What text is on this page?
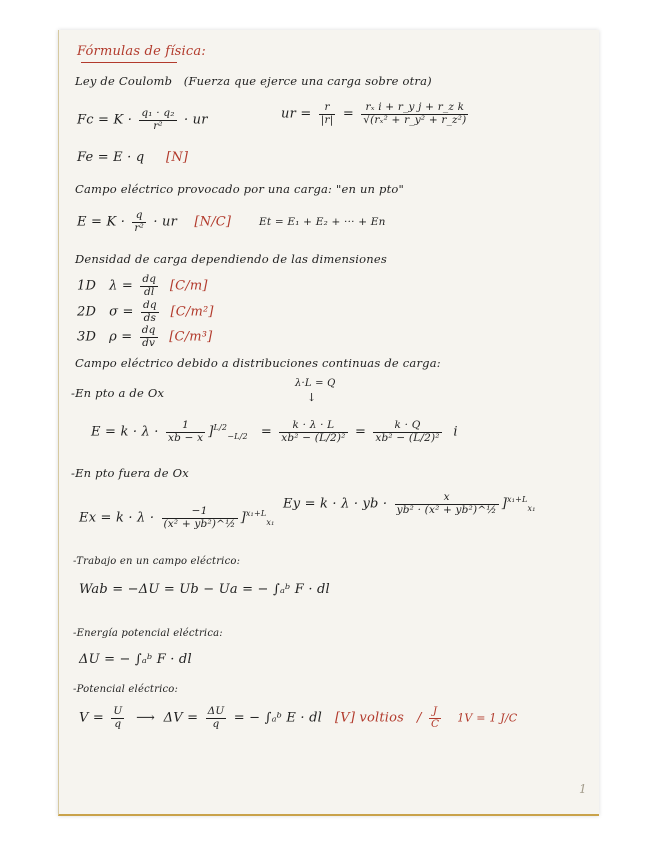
Fórmulas de física:
Ley de Coulomb (Fuerza que ejerce una carga sobre otra)
$Fc = K \cdot \frac{\text{q₁ · q₂}}{\text{r²}}$ · ur	ur = $\frac{r}{|r|} = \frac{\text{rₓ i + r\_y j + r\_z k}}{\text{√(rₓ² + r\_y² + r\_z²)}}$
Fe = E · q [N]
Campo eléctrico provocado por una carga: "en un pto"
$E = K \cdot \frac{q}{\text{r²}}$ · ur [N/C]	Et = E₁ + E₂ + ··· + En
Densidad de carga dependiendo de las dimensiones
1D $\lambda = \frac{dq}{dl} [C/m]$
2D $\sigma = \frac{dq}{ds} [C/m^2]$
3D $\rho = \frac{dq}{dv} [C/m^3]$
Campo eléctrico debido a distribuciones continuas de carga:
λ·L = Q
↓
-En pto a de Ox
$E = k \cdot \lambda \cdot \frac{1}{xb - x} ]^{L/2}_{-L/2} = \frac{k \cdot \lambda \cdot L}{\text{xb² − (L/2)²}} = \frac{k \cdot Q}{\text{xb² − (L/2)²}}$ i
-En pto fuera de Ox
$Ex = k \cdot \lambda \cdot \frac{-1}{\text{(x² + yb²)\textasciicircum{}½}} ]^{x_1+L}_{x_1}$
Ey = k · λ · yb · $\frac{x}{\text{yb² · (x² + yb²)\textasciicircum{}½}} ]^{x_1+L}_{x_1}$
-Trabajo en un campo eléctrico:
Wab = −ΔU = Ub − Ua = − ∫ₐᵇ F · dl
-Energía potencial eléctrica:
ΔU = − ∫ₐᵇ F · dl
-Potencial eléctrico:
$V = \frac{U}{q}$ ⟶ $\Delta V = \frac{\Delta U}{q}$ = − ∫ₐᵇ E · dl [V] voltios / $\frac{J}{C} 1V = 1$ J/C
1
